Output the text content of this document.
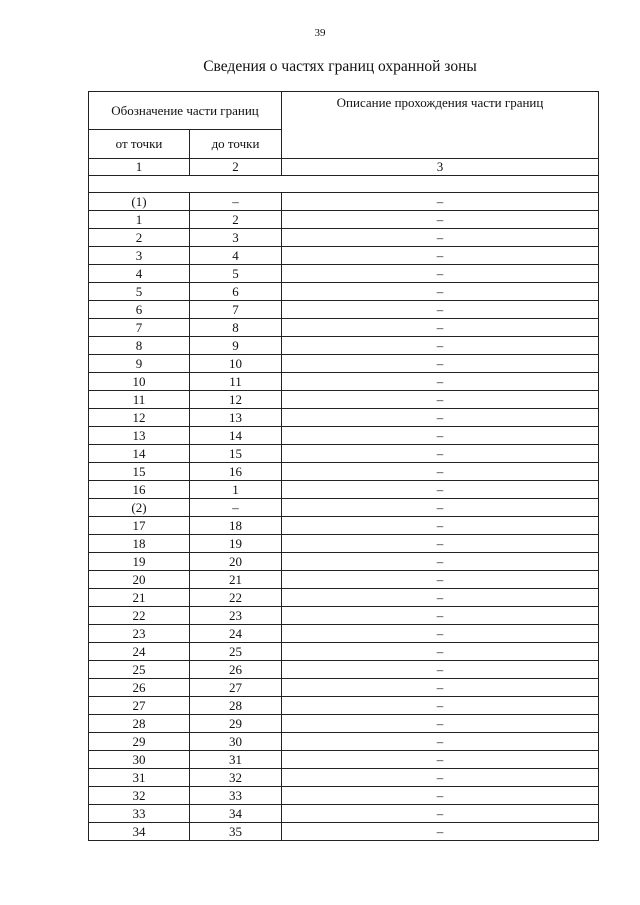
39
Сведения о частях границ охранной зоны
Обозначение части границ		Описание прохождения части границ
от точки	до точки	
1	2	3

(1)	–	–
1	2	–
2	3	–
3	4	–
4	5	–
5	6	–
6	7	–
7	8	–
8	9	–
9	10	–
10	11	–
11	12	–
12	13	–
13	14	–
14	15	–
15	16	–
16	1	–
(2)	–	–
17	18	–
18	19	–
19	20	–
20	21	–
21	22	–
22	23	–
23	24	–
24	25	–
25	26	–
26	27	–
27	28	–
28	29	–
29	30	–
30	31	–
31	32	–
32	33	–
33	34	–
34	35	–
